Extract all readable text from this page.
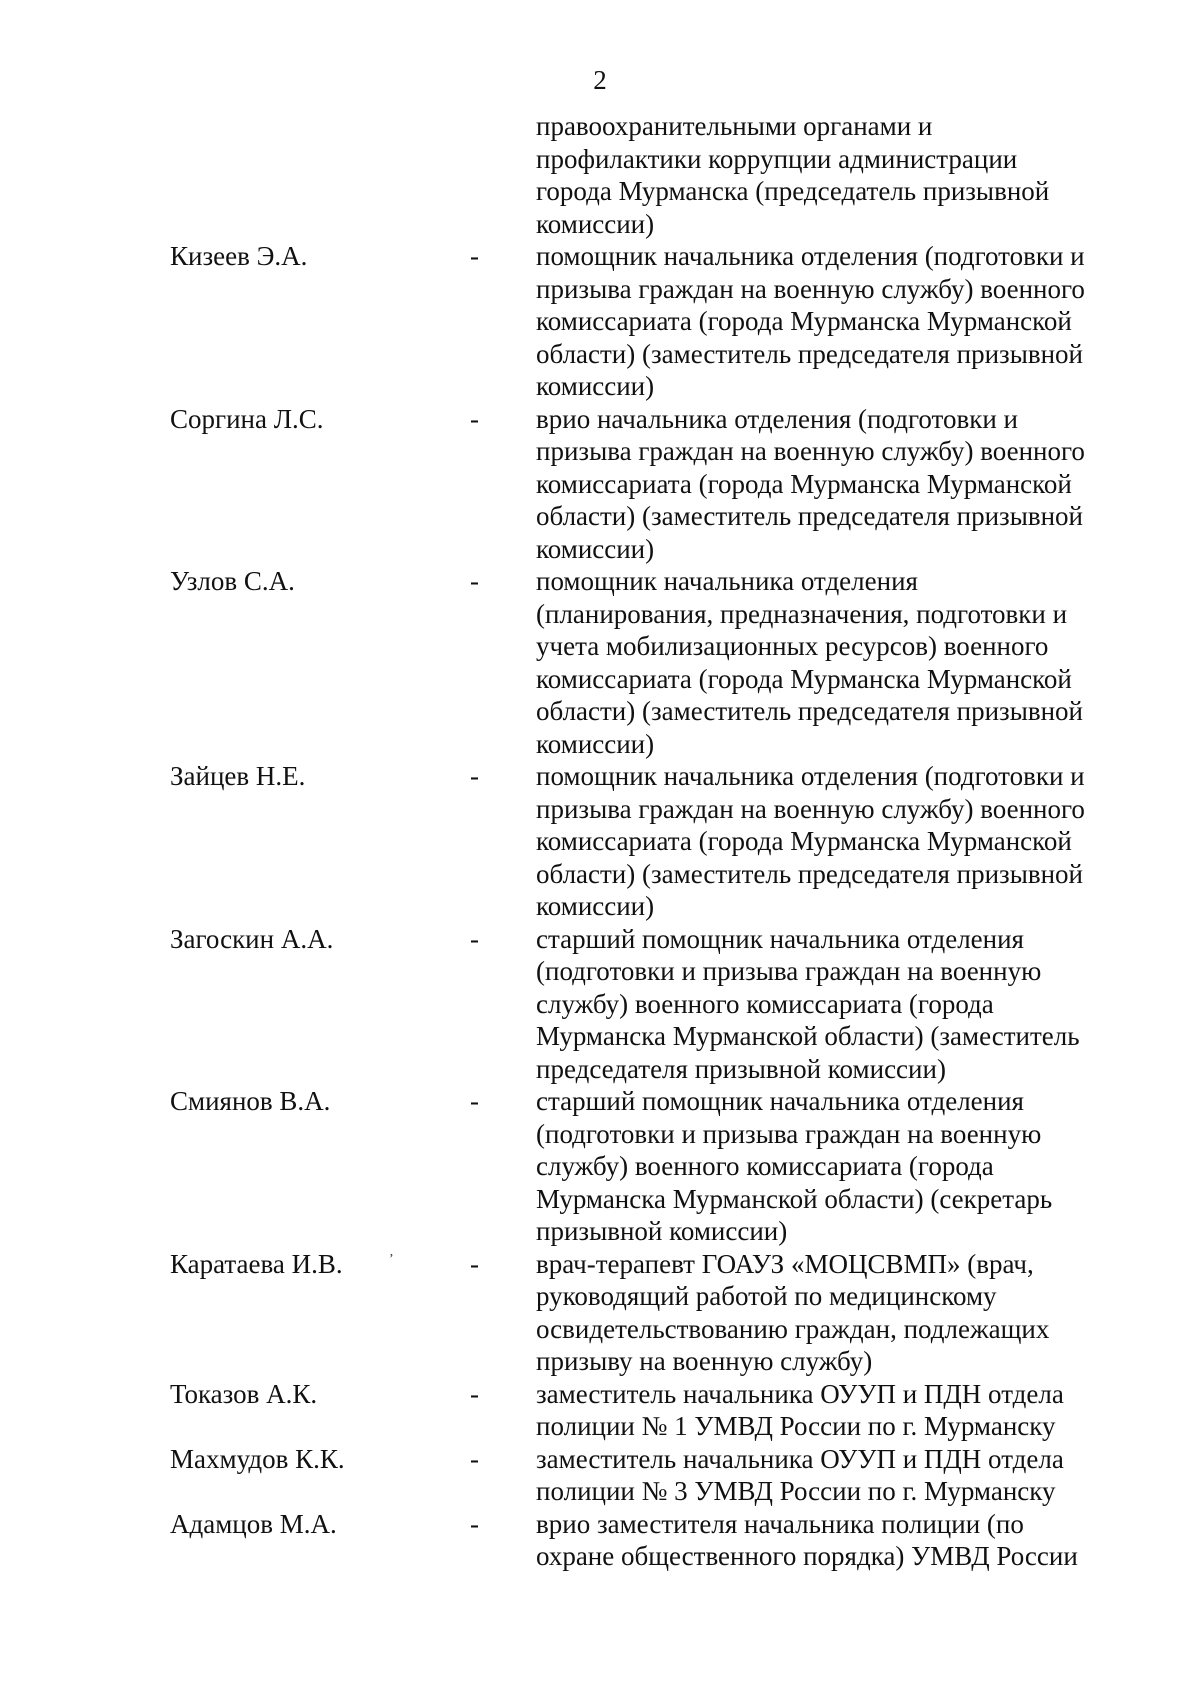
2
правоохранительными органами и
профилактики коррупции администрации
города Мурманска (председатель призывной
комиссии)
Кизеев Э.А.	-	помощник начальника отделения (подготовки и
призыва граждан на военную службу) военного
комиссариата (города Мурманска Мурманской
области) (заместитель председателя призывной
комиссии)
Соргина Л.С.	-	врио начальника отделения (подготовки и
призыва граждан на военную службу) военного
комиссариата (города Мурманска Мурманской
области) (заместитель председателя призывной
комиссии)
Узлов С.А.	-	помощник начальника отделения
(планирования, предназначения, подготовки и
учета мобилизационных ресурсов) военного
комиссариата (города Мурманска Мурманской
области) (заместитель председателя призывной
комиссии)
Зайцев Н.Е.	-	помощник начальника отделения (подготовки и
призыва граждан на военную службу) военного
комиссариата (города Мурманска Мурманской
области) (заместитель председателя призывной
комиссии)
Загоскин А.А.	-	старший помощник начальника отделения
(подготовки и призыва граждан на военную
службу) военного комиссариата (города
Мурманска Мурманской области) (заместитель
председателя призывной комиссии)
Смиянов В.А.	-	старший помощник начальника отделения
(подготовки и призыва граждан на военную
службу) военного комиссариата (города
Мурманска Мурманской области) (секретарь
призывной комиссии)
Каратаева И.В.	-	врач-терапевт ГОАУЗ «МОЦСВМП» (врач,
руководящий работой по медицинскому
освидетельствованию граждан, подлежащих
призыву на военную службу)
Токазов А.К.	-	заместитель начальника ОУУП и ПДН отдела
полиции № 1 УМВД России по г. Мурманску
Махмудов К.К.	-	заместитель начальника ОУУП и ПДН отдела
полиции № 3 УМВД России по г. Мурманску
Адамцов М.А.	-	врио заместителя начальника полиции (по
охране общественного порядка) УМВД России
ʼ
